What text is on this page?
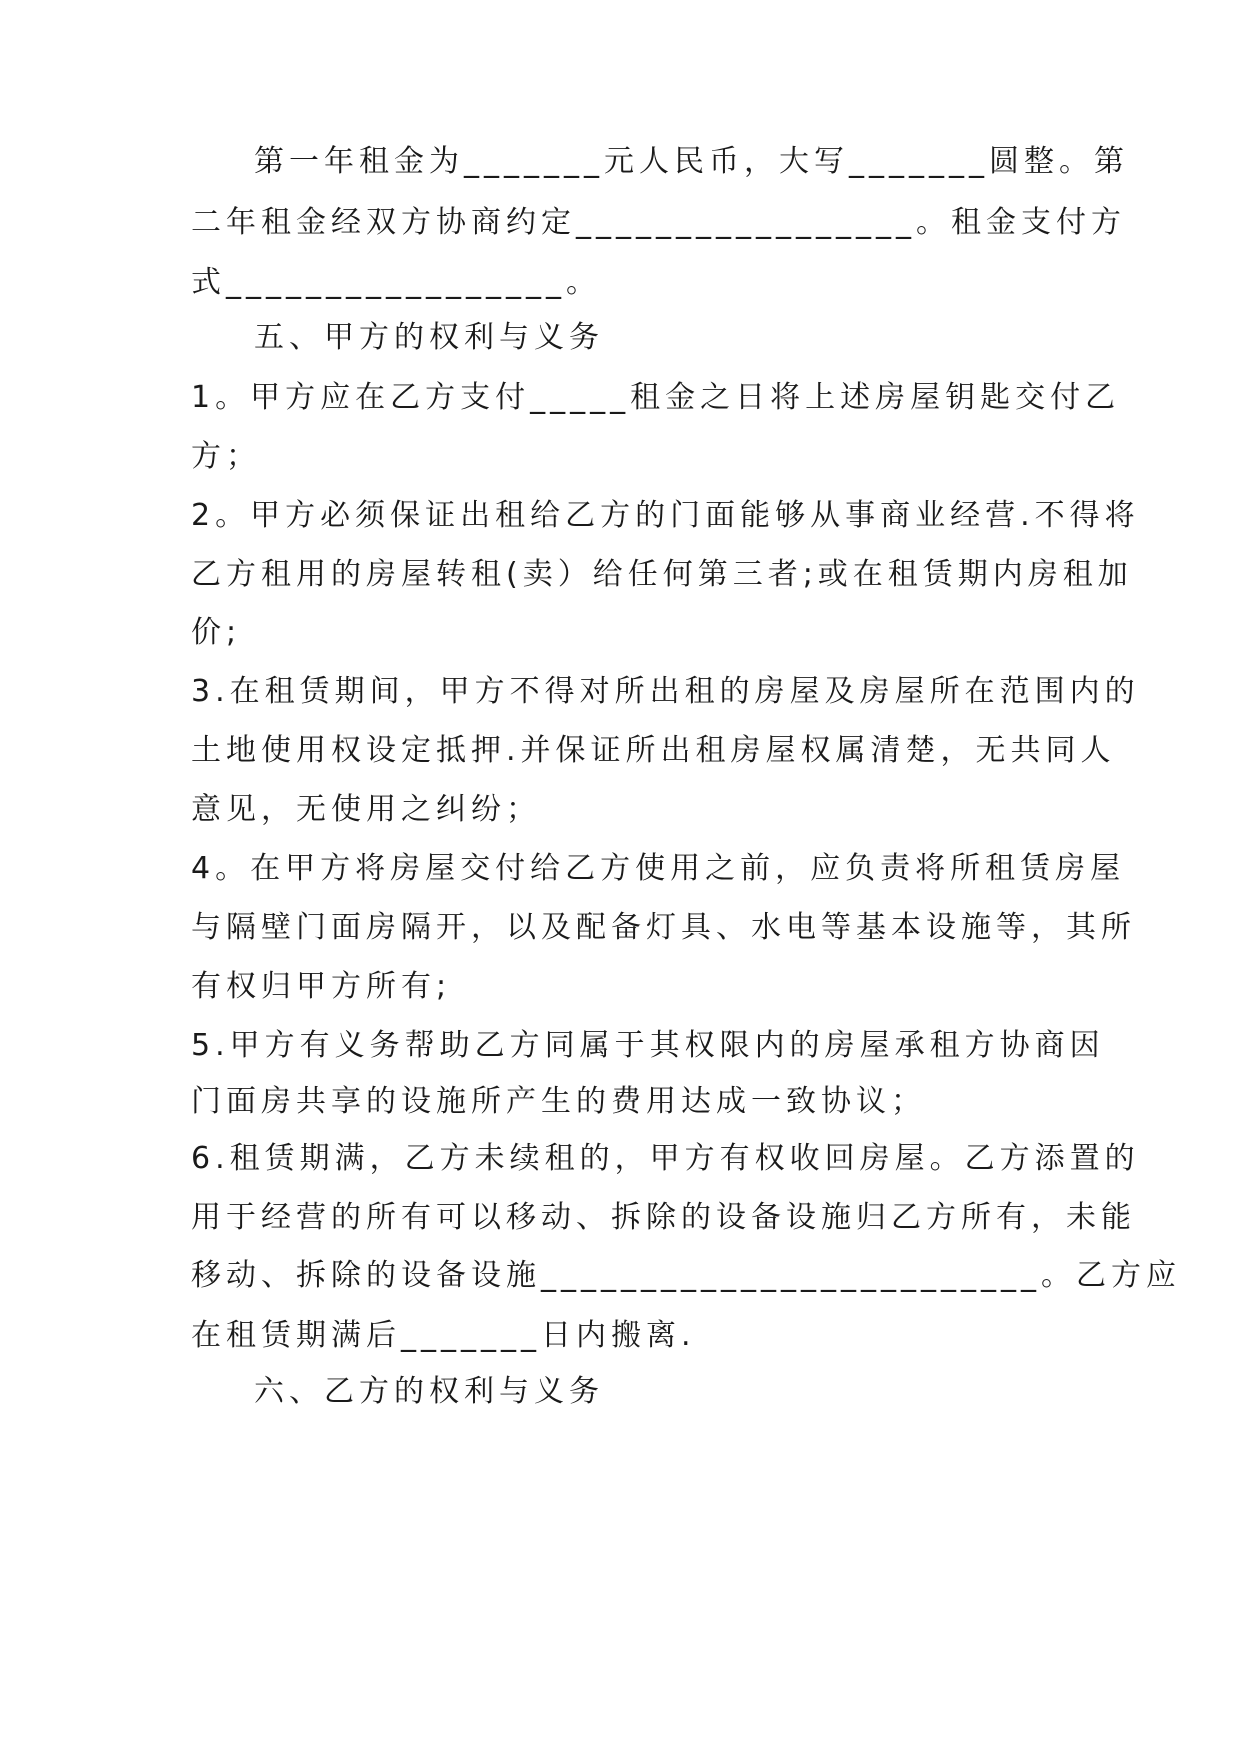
第一年租金为_______元人民币，大写_______圆整。第
二年租金经双方协商约定_________________。租金支付方
式_________________。
五、甲方的权利与义务
1。甲方应在乙方支付_____租金之日将上述房屋钥匙交付乙
方；
2。甲方必须保证出租给乙方的门面能够从事商业经营.不得将
乙方租用的房屋转租(卖）给任何第三者;或在租赁期内房租加
价;
3.在租赁期间，甲方不得对所出租的房屋及房屋所在范围内的
土地使用权设定抵押.并保证所出租房屋权属清楚，无共同人
意见，无使用之纠纷；
4。在甲方将房屋交付给乙方使用之前，应负责将所租赁房屋
与隔壁门面房隔开，以及配备灯具、水电等基本设施等，其所
有权归甲方所有;
5.甲方有义务帮助乙方同属于其权限内的房屋承租方协商因
门面房共享的设施所产生的费用达成一致协议；
6.租赁期满，乙方未续租的，甲方有权收回房屋。乙方添置的
用于经营的所有可以移动、拆除的设备设施归乙方所有，未能
移动、拆除的设备设施_________________________。乙方应
在租赁期满后_______日内搬离.
六、乙方的权利与义务
